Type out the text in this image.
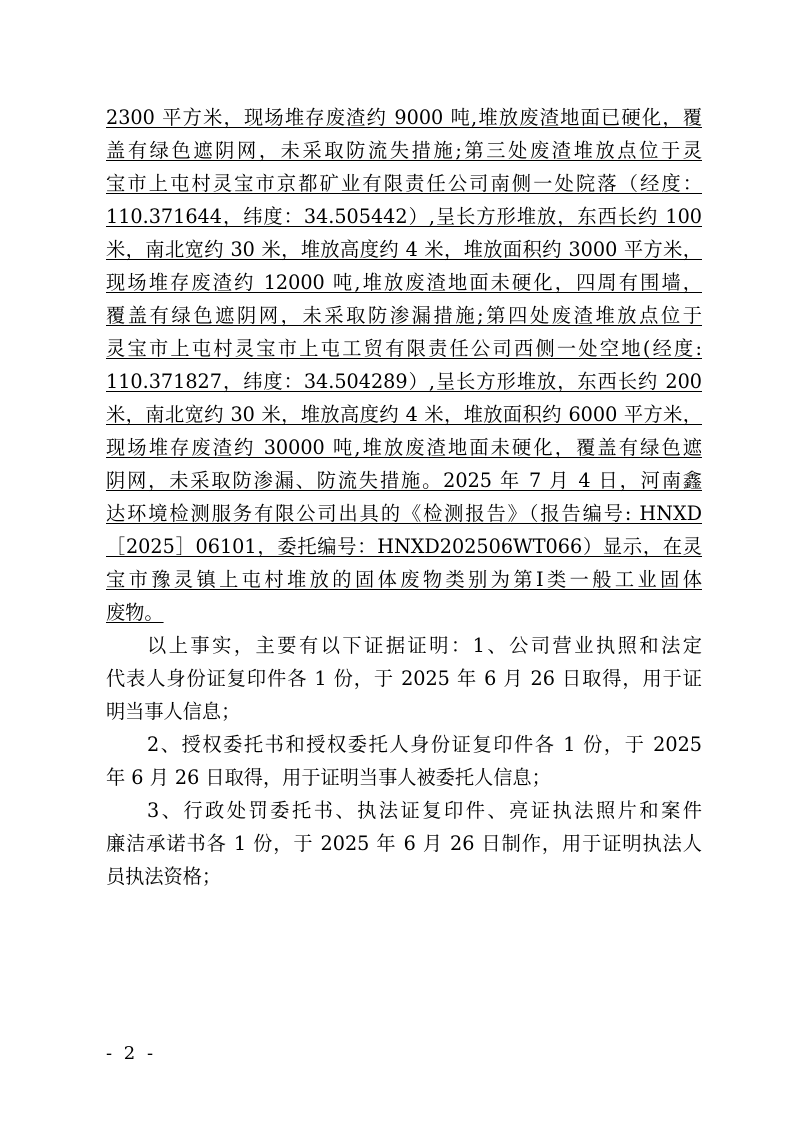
2300 平方米，现场堆存废渣约 9000 吨,堆放废渣地面已硬化，覆
盖有绿色遮阴网，未采取防流失措施;第三处废渣堆放点位于灵
宝市上屯村灵宝市京都矿业有限责任公司南侧一处院落（经度：
110.371644，纬度：34.505442）,呈长方形堆放，东西长约 100
米，南北宽约 30 米，堆放高度约 4 米，堆放面积约 3000 平方米，
现场堆存废渣约 12000 吨,堆放废渣地面未硬化，四周有围墙，
覆盖有绿色遮阴网，未采取防渗漏措施;第四处废渣堆放点位于
灵宝市上屯村灵宝市上屯工贸有限责任公司西侧一处空地(经度:
110.371827，纬度：34.504289）,呈长方形堆放，东西长约 200
米，南北宽约 30 米，堆放高度约 4 米，堆放面积约 6000 平方米，
现场堆存废渣约 30000 吨,堆放废渣地面未硬化，覆盖有绿色遮
阴网，未采取防渗漏、防流失措施。2025 年 7 月 4 日，河南鑫
达环境检测服务有限公司出具的《检测报告》（报告编号: HNXD
［2025］06101，委托编号：HNXD202506WT066）显示，在灵
宝市豫灵镇上屯村堆放的固体废物类别为第Ⅰ类一般工业固体
废物。
以上事实，主要有以下证据证明：1、公司营业执照和法定
代表人身份证复印件各 1 份，于 2025 年 6 月 26 日取得，用于证
明当事人信息；
2、授权委托书和授权委托人身份证复印件各 1 份，于 2025
年 6 月 26 日取得，用于证明当事人被委托人信息；
3、行政处罚委托书、执法证复印件、亮证执法照片和案件
廉洁承诺书各 1 份，于 2025 年 6 月 26 日制作，用于证明执法人
员执法资格；
- 2 -
